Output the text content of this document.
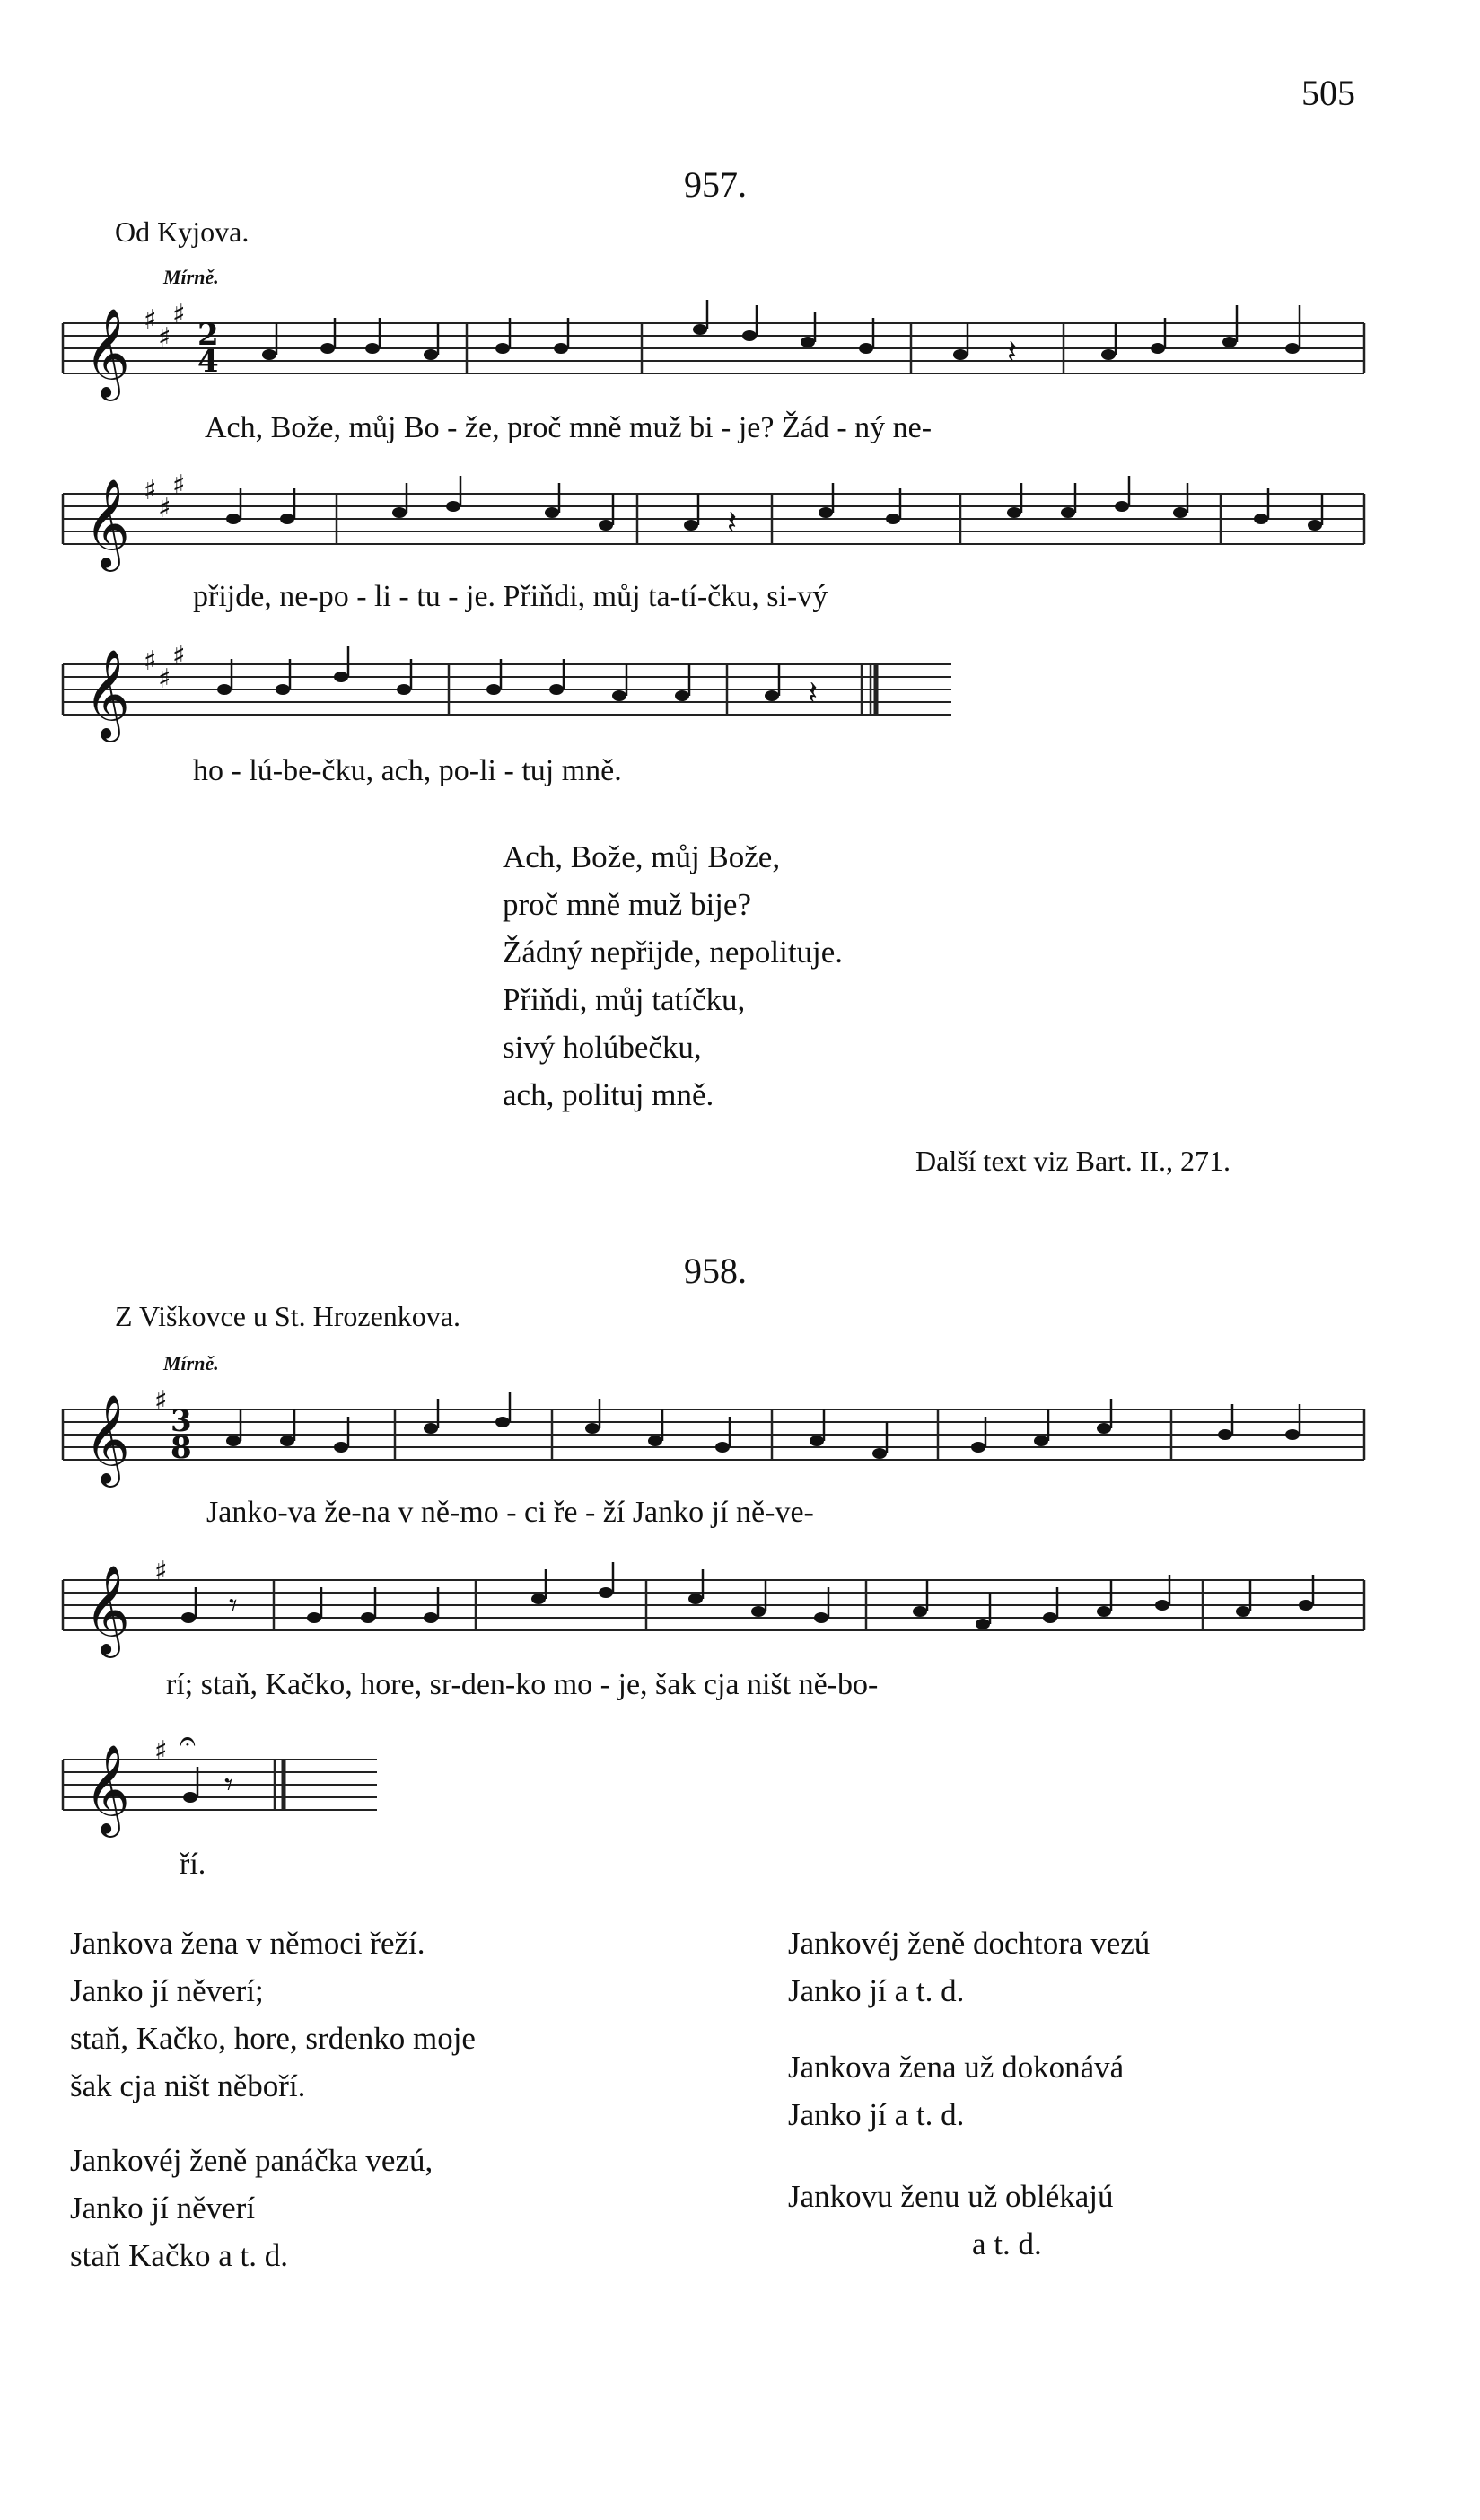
505
957.
Od Kyjova.
Mírně.
𝄞 ♯
♯
♯
2
4	𝄽
Ach, Bože, můj Bo - že, proč mně muž bi - je? Žád - ný ne-
𝄞 ♯
♯
♯
𝄽
přijde, ne-po - li - tu - je. Přiňdi, můj ta-tí-čku, si-vý
𝄞 ♯
♯
♯
𝄽
ho - lú-be-čku, ach, po-li - tuj mně.
Ach, Bože, můj Bože,
proč mně muž bije?
Žádný nepřijde, nepolituje.
Přiňdi, můj tatíčku,
sivý holúbečku,
ach, polituj mně.
Další text viz Bart. II., 271.
958.
Z Viškovce u St. Hrozenkova.
Mírně.
𝄞 ♯
3
8
Janko-va že-na v ně-mo - ci ře - ží Janko jí ně-ve-
𝄞 ♯
𝄾
rí; staň, Kačko, hore, sr-den-ko mo - je, šak cja ništ ně-bo-
𝄞 ♯ 𝄐
𝄾
ří.
Jankova žena v němoci řeží.
Janko jí něverí;
staň, Kačko, hore, srdenko moje
šak cja ništ něboří.
Jankovéj ženě panáčka vezú,
Janko jí něverí
staň Kačko a t. d.
Jankovéj ženě dochtora vezú
Janko jí a t. d.
Jankova žena už dokonává
Janko jí a t. d.
Jankovu ženu už oblékajú
a t. d.
